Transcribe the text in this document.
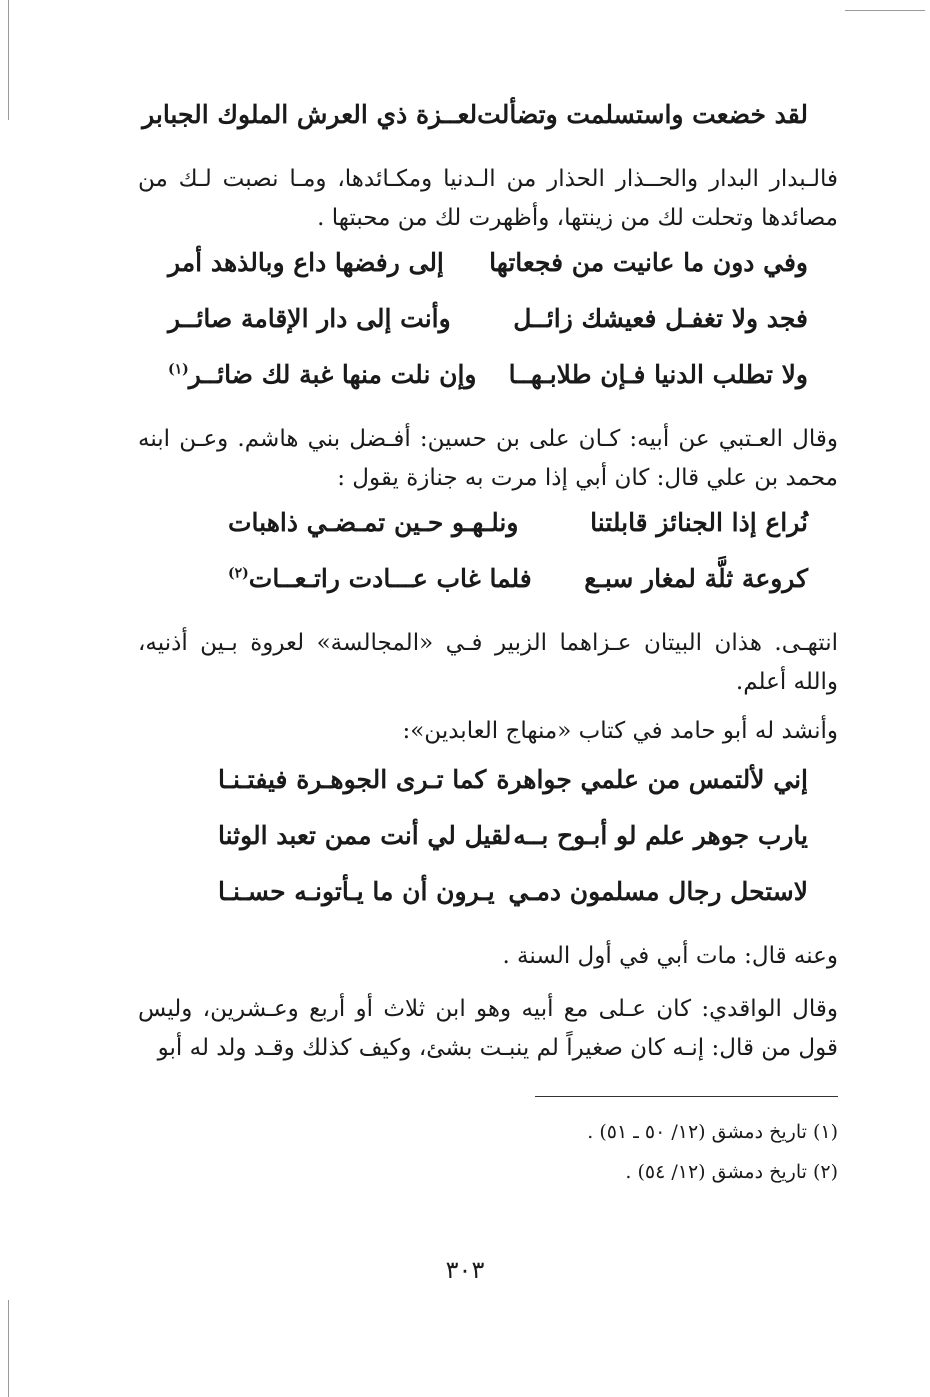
لقد خضعت واستسلمت وتضألت
لعــزة ذي العرش الملوك الجبابر

فالـبدار البدار والحــذار الحذار من الـدنيا ومكـائدها، ومـا نصبت لـك من مصائدها وتحلت لك من زينتها، وأظهرت لك من محبتها .

وفي دون ما عانيت من فجعاتها
إلى رفضها داع وبالذهد أمر
فجد ولا تغفـل فعيشك زائــل
وأنت إلى دار الإقامة صائــر
ولا تطلب الدنيا فـإن طلابـهــا
وإن نلت منها غبة لك ضائــر$^{(١)}$

وقال العـتبي عن أبيه: كـان على بن حسين: أفـضل بني هاشم. وعـن ابنه محمد بن علي قال: كان أبي إذا مرت به جنازة يقول :

نُراع إذا الجنائز قابلتنا
ونلـهـو حـين تمـضـي ذاهبات
كروعة ثلَّة لمغار سبـع
فلما غاب عـــادت راتـعــات$^{(٢)}$

انتهـى. هذان البيتان عـزاهما الزبير فـي «المجالسة» لعروة بـين أذنيه، والله أعلم.

وأنشد له أبو حامد في كتاب «منهاج العابدين»:

إني لألتمس من علمي جواهرة
كما تـرى الجوهـرة فيفتـنـا
يارب جوهر علم لو أبـوح بــه
لقيل لي أنت ممن تعبد الوثنا
لاستحل رجال مسلمون دمـي
يـرون أن ما يـأتونـه حسـنـا

وعنه قال: مات أبي في أول السنة .

وقال الواقدي: كان عـلى مع أبيه وهو ابن ثلاث أو أربع وعـشرين، وليس قول من قال: إنـه كان صغيراً لم ينبـت بشئ، وكيف كذلك وقـد ولد له أبو

(١) تاريخ دمشق (١٢/ ٥٠ ـ ٥١) .
(٢) تاريخ دمشق (١٢/ ٥٤) .
٣٠٣
